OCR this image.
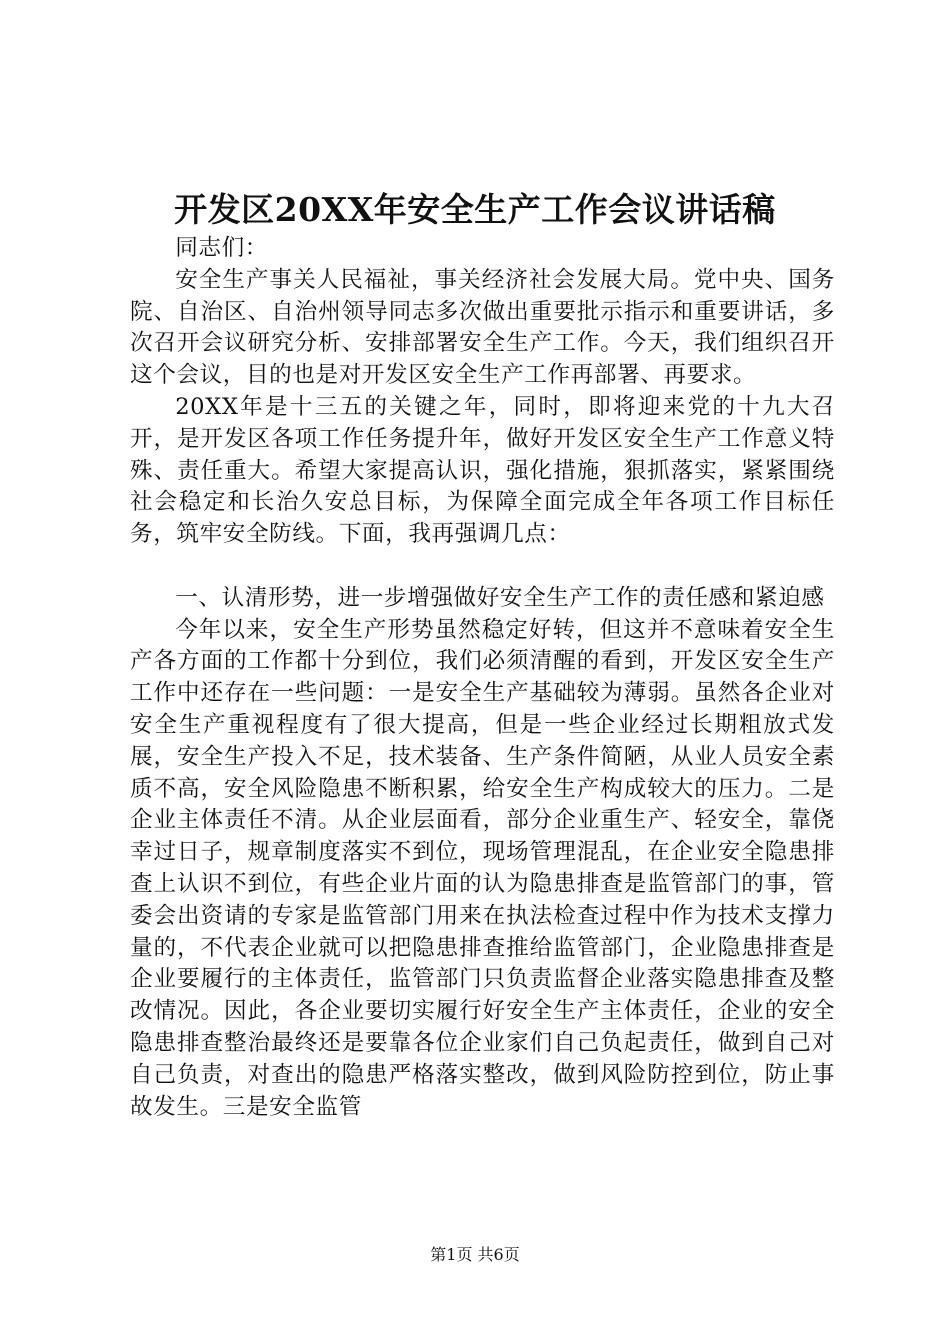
开发区20XX年安全生产工作会议讲话稿

同志们：

安全生产事关人民福祉，事关经济社会发展大局。党中央、国务院、自治区、自治州领导同志多次做出重要批示指示和重要讲话，多次召开会议研究分析、安排部署安全生产工作。今天，我们组织召开这个会议，目的也是对开发区安全生产工作再部署、再要求。

20XX年是十三五的关键之年，同时，即将迎来党的十九大召开，是开发区各项工作任务提升年，做好开发区安全生产工作意义特殊、责任重大。希望大家提高认识，强化措施，狠抓落实，紧紧围绕社会稳定和长治久安总目标，为保障全面完成全年各项工作目标任务，筑牢安全防线。下面，我再强调几点：

一、认清形势，进一步增强做好安全生产工作的责任感和紧迫感

今年以来，安全生产形势虽然稳定好转，但这并不意味着安全生产各方面的工作都十分到位，我们必须清醒的看到，开发区安全生产工作中还存在一些问题：一是安全生产基础较为薄弱。虽然各企业对安全生产重视程度有了很大提高，但是一些企业经过长期粗放式发展，安全生产投入不足，技术装备、生产条件简陋，从业人员安全素质不高，安全风险隐患不断积累，给安全生产构成较大的压力。二是企业主体责任不清。从企业层面看，部分企业重生产、轻安全，靠侥幸过日子，规章制度落实不到位，现场管理混乱，在企业安全隐患排查上认识不到位，有些企业片面的认为隐患排查是监管部门的事，管委会出资请的专家是监管部门用来在执法检查过程中作为技术支撑力量的，不代表企业就可以把隐患排查推给监管部门，企业隐患排查是企业要履行的主体责任，监管部门只负责监督企业落实隐患排查及整改情况。因此，各企业要切实履行好安全生产主体责任，企业的安全隐患排查整治最终还是要靠各位企业家们自己负起责任，做到自己对自己负责，对查出的隐患严格落实整改，做到风险防控到位，防止事故发生。三是安全监管

第1页 共6页
